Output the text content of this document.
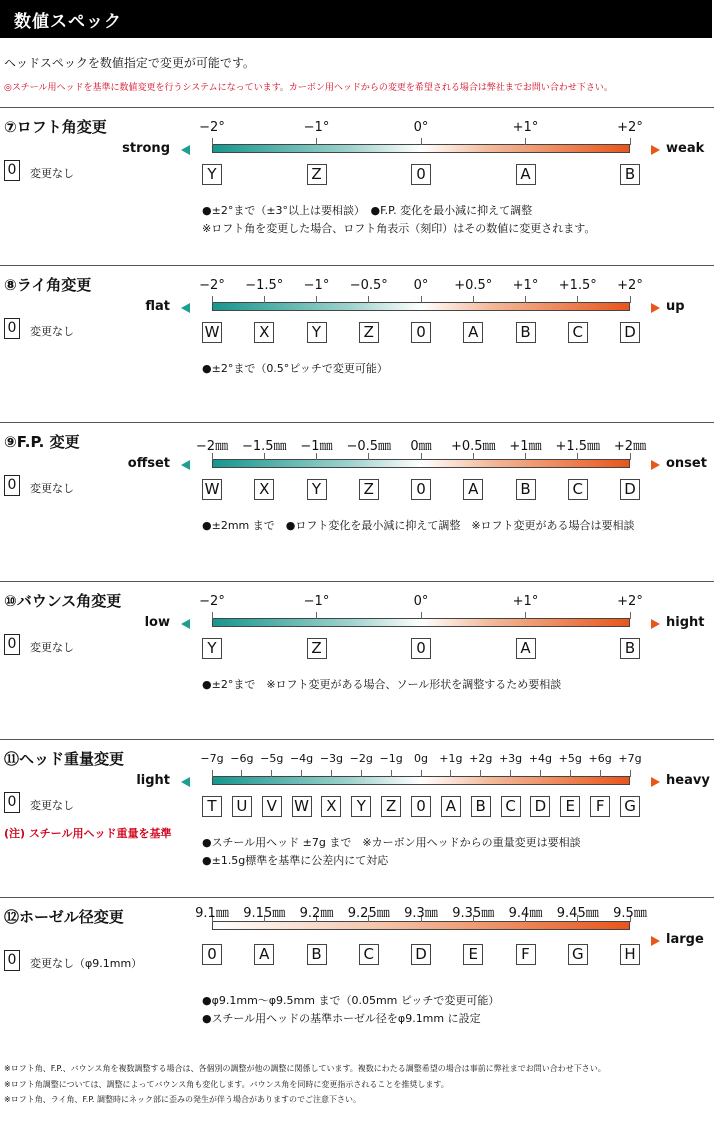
数値スペック
ヘッドスペックを数値指定で変更が可能です。
◎スチール用ヘッドを基準に数値変更を行うシステムになっています。カーボン用ヘッドからの変更を希望される場合は弊社までお問い合わせ下さい。
⑦ロフト角変更
0	変更なし
strong	weak
−2°	−1°	0°	+1°	+2°
Y	Z	0	A	B
●±2°まで（±3°以上は要相談）　●F.P. 変化を最小減に抑えて調整
※ロフト角を変更した場合、ロフト角表示（刻印）はその数値に変更されます。
⑧ライ角変更
0	変更なし
flat	up
−2° −1.5° −1° −0.5° 0° +0.5° +1° +1.5° +2°
W	X	Y	Z	0	A	B	C	D
●±2°まで（0.5°ピッチで変更可能）
⑨F.P. 変更
0	変更なし
offset	onset
−2㎜ −1.5㎜ −1㎜ −0.5㎜ 0㎜ +0.5㎜ +1㎜ +1.5㎜ +2㎜
W	X	Y	Z	0	A	B	C	D
●±2mm まで　●ロフト変化を最小減に抑えて調整　※ロフト変更がある場合は要相談
⑩バウンス角変更
0	変更なし
low	hight
−2°	−1°	0°	+1°	+2°
Y	Z	0	A	B
●±2°まで　※ロフト変更がある場合、ソール形状を調整するため要相談
⑪ヘッド重量変更
0	変更なし
(注) スチール用ヘッド重量を基準
light	heavy
−7g −6g −5g −4g −3g −2g −1g 0g +1g +2g +3g +4g +5g +6g +7g
T	U	V	W	X	Y	Z	0	A	B	C	D	E	F	G
●スチール用ヘッド ±7g まで　※カーボン用ヘッドからの重量変更は要相談
●±1.5g標準を基準に公差内にて対応
⑫ホーゼル径変更
0	変更なし（φ9.1mm）
large
9.1㎜ 9.15㎜ 9.2㎜ 9.25㎜ 9.3㎜ 9.35㎜ 9.4㎜ 9.45㎜ 9.5㎜
0	A	B	C	D	E	F	G	H
●φ9.1mm〜φ9.5mm まで（0.05mm ピッチで変更可能）
●スチール用ヘッドの基準ホーゼル径をφ9.1mm に設定
※ロフト角、F.P.、バウンス角を複数調整する場合は、各個別の調整が他の調整に関係しています。複数にわたる調整希望の場合は事前に弊社までお問い合わせ下さい。
※ロフト角調整については、調整によってバウンス角も変化します。バウンス角を同時に変更指示されることを推奨します。
※ロフト角、ライ角、F.P. 調整時にネック部に歪みの発生が伴う場合がありますのでご注意下さい。
